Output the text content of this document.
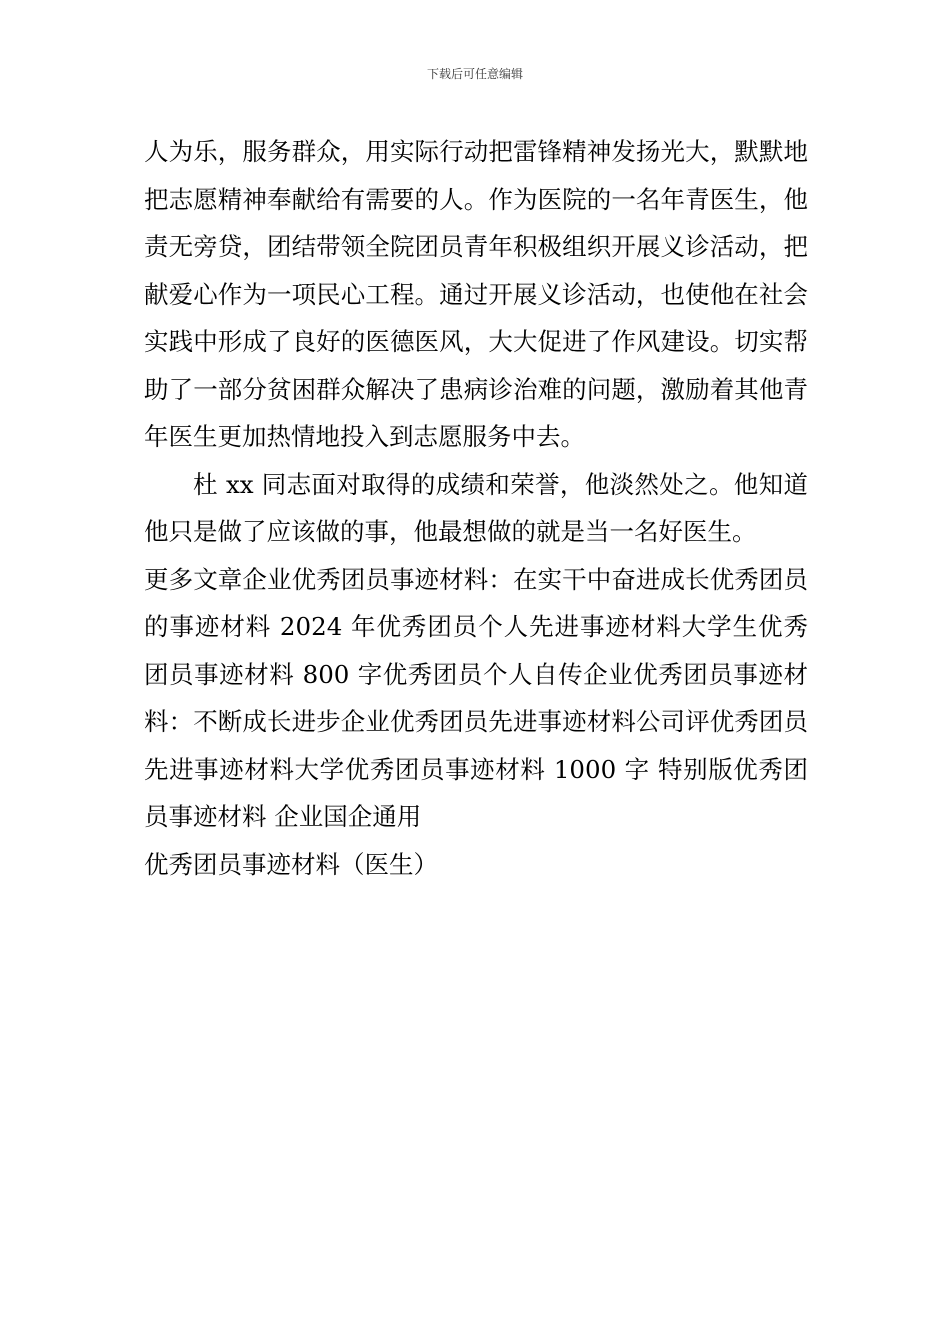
下载后可任意编辑

人为乐，服务群众，用实际行动把雷锋精神发扬光大，默默地把志愿精神奉献给有需要的人。作为医院的一名年青医生，他责无旁贷，团结带领全院团员青年积极组织开展义诊活动，把献爱心作为一项民心工程。通过开展义诊活动，也使他在社会实践中形成了良好的医德医风，大大促进了作风建设。切实帮助了一部分贫困群众解决了患病诊治难的问题，激励着其他青年医生更加热情地投入到志愿服务中去。

杜 xx 同志面对取得的成绩和荣誉，他淡然处之。他知道他只是做了应该做的事，他最想做的就是当一名好医生。

更多文章企业优秀团员事迹材料：在实干中奋进成长优秀团员的事迹材料 2024 年优秀团员个人先进事迹材料大学生优秀团员事迹材料 800 字优秀团员个人自传企业优秀团员事迹材料：不断成长进步企业优秀团员先进事迹材料公司评优秀团员先进事迹材料大学优秀团员事迹材料 1000 字 特别版优秀团员事迹材料 企业国企通用

优秀团员事迹材料（医生）
